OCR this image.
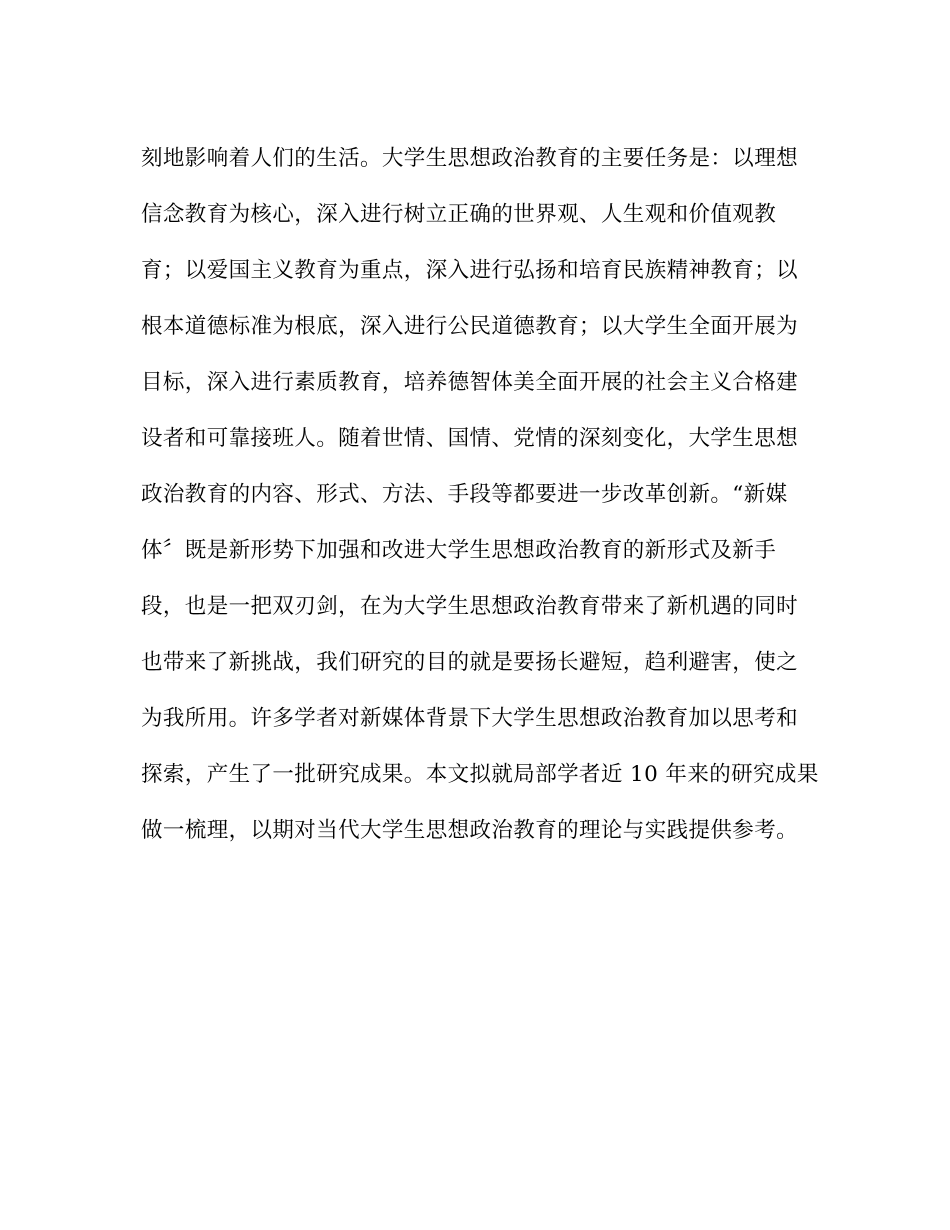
刻地影响着人们的生活。大学生思想政治教育的主要任务是：以理想
信念教育为核心，深入进行树立正确的世界观、人生观和价值观教
育；以爱国主义教育为重点，深入进行弘扬和培育民族精神教育；以
根本道德标准为根底，深入进行公民道德教育；以大学生全面开展为
目标，深入进行素质教育，培养德智体美全面开展的社会主义合格建
设者和可靠接班人。随着世情、国情、党情的深刻变化，大学生思想
政治教育的内容、形式、方法、手段等都要进一步改革创新。“新媒
体〞既是新形势下加强和改进大学生思想政治教育的新形式及新手
段，也是一把双刃剑，在为大学生思想政治教育带来了新机遇的同时
也带来了新挑战，我们研究的目的就是要扬长避短，趋利避害，使之
为我所用。许多学者对新媒体背景下大学生思想政治教育加以思考和
探索，产生了一批研究成果。本文拟就局部学者近 10 年来的研究成果
做一梳理，以期对当代大学生思想政治教育的理论与实践提供参考。
